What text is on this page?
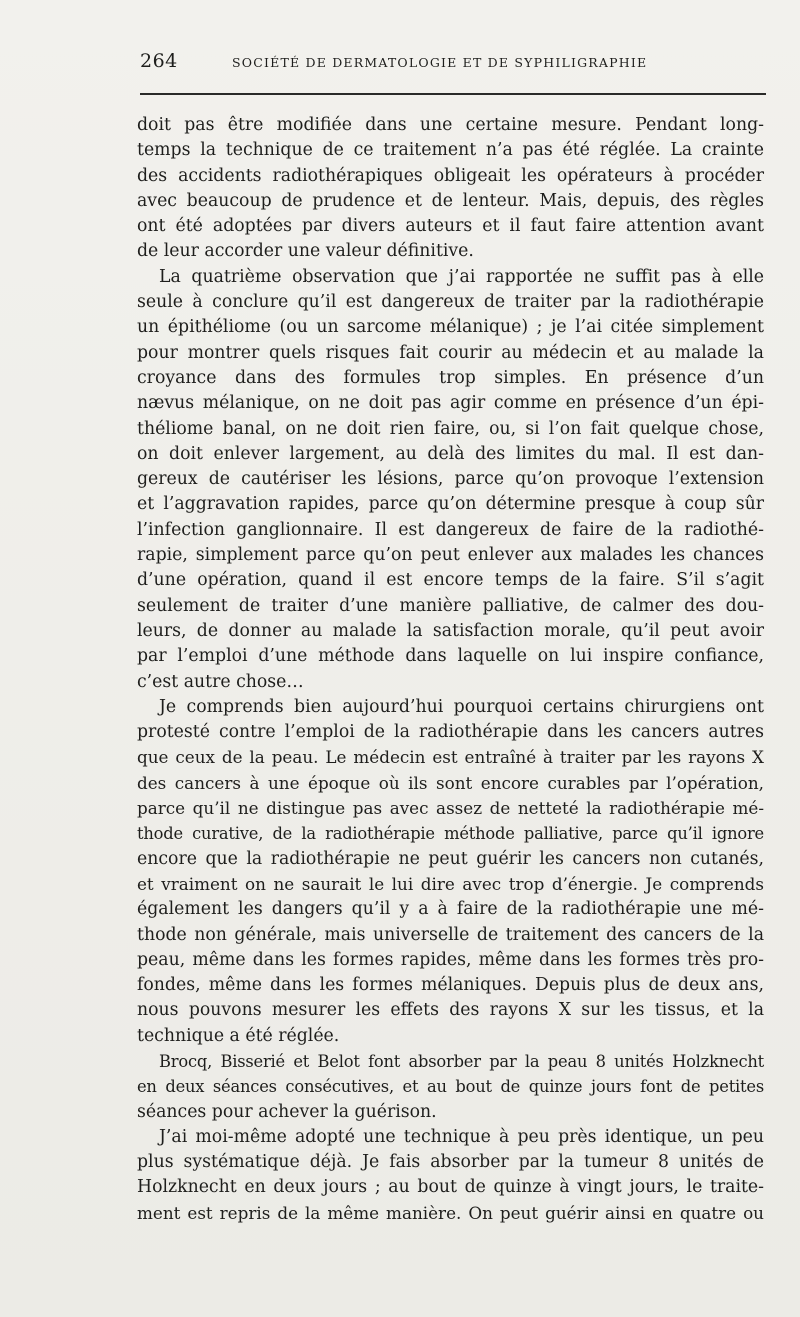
264	SOCIÉTÉ DE DERMATOLOGIE ET DE SYPHILIGRAPHIE
doit pas être modifiée dans une certaine mesure. Pendant long-
temps la technique de ce traitement n’a pas été réglée. La crainte
des accidents radiothérapiques obligeait les opérateurs à procéder
avec beaucoup de prudence et de lenteur. Mais, depuis, des règles
ont été adoptées par divers auteurs et il faut faire attention avant
de leur accorder une valeur définitive.
La quatrième observation que j’ai rapportée ne suffit pas à elle
seule à conclure qu’il est dangereux de traiter par la radiothérapie
un épithéliome (ou un sarcome mélanique) ; je l’ai citée simplement
pour montrer quels risques fait courir au médecin et au malade la
croyance dans des formules trop simples. En présence d’un
nævus mélanique, on ne doit pas agir comme en présence d’un épi-
théliome banal, on ne doit rien faire, ou, si l’on fait quelque chose,
on doit enlever largement, au delà des limites du mal. Il est dan-
gereux de cautériser les lésions, parce qu’on provoque l’extension
et l’aggravation rapides, parce qu’on détermine presque à coup sûr
l’infection ganglionnaire. Il est dangereux de faire de la radiothé-
rapie, simplement parce qu’on peut enlever aux malades les chances
d’une opération, quand il est encore temps de la faire. S’il s’agit
seulement de traiter d’une manière palliative, de calmer des dou-
leurs, de donner au malade la satisfaction morale, qu’il peut avoir
par l’emploi d’une méthode dans laquelle on lui inspire confiance,
c’est autre chose…
Je comprends bien aujourd’hui pourquoi certains chirurgiens ont
protesté contre l’emploi de la radiothérapie dans les cancers autres
que ceux de la peau. Le médecin est entraîné à traiter par les rayons X
des cancers à une époque où ils sont encore curables par l’opération,
parce qu’il ne distingue pas avec assez de netteté la radiothérapie mé-
thode curative, de la radiothérapie méthode palliative, parce qu’il ignore
encore que la radiothérapie ne peut guérir les cancers non cutanés,
et vraiment on ne saurait le lui dire avec trop d’énergie. Je comprends
également les dangers qu’il y a à faire de la radiothérapie une mé-
thode non générale, mais universelle de traitement des cancers de la
peau, même dans les formes rapides, même dans les formes très pro-
fondes, même dans les formes mélaniques. Depuis plus de deux ans,
nous pouvons mesurer les effets des rayons X sur les tissus, et la
technique a été réglée.
Brocq, Bisserié et Belot font absorber par la peau 8 unités Holzknecht
en deux séances consécutives, et au bout de quinze jours font de petites
séances pour achever la guérison.
J’ai moi-même adopté une technique à peu près identique, un peu
plus systématique déjà. Je fais absorber par la tumeur 8 unités de
Holzknecht en deux jours ; au bout de quinze à vingt jours, le traite-
ment est repris de la même manière. On peut guérir ainsi en quatre ou
